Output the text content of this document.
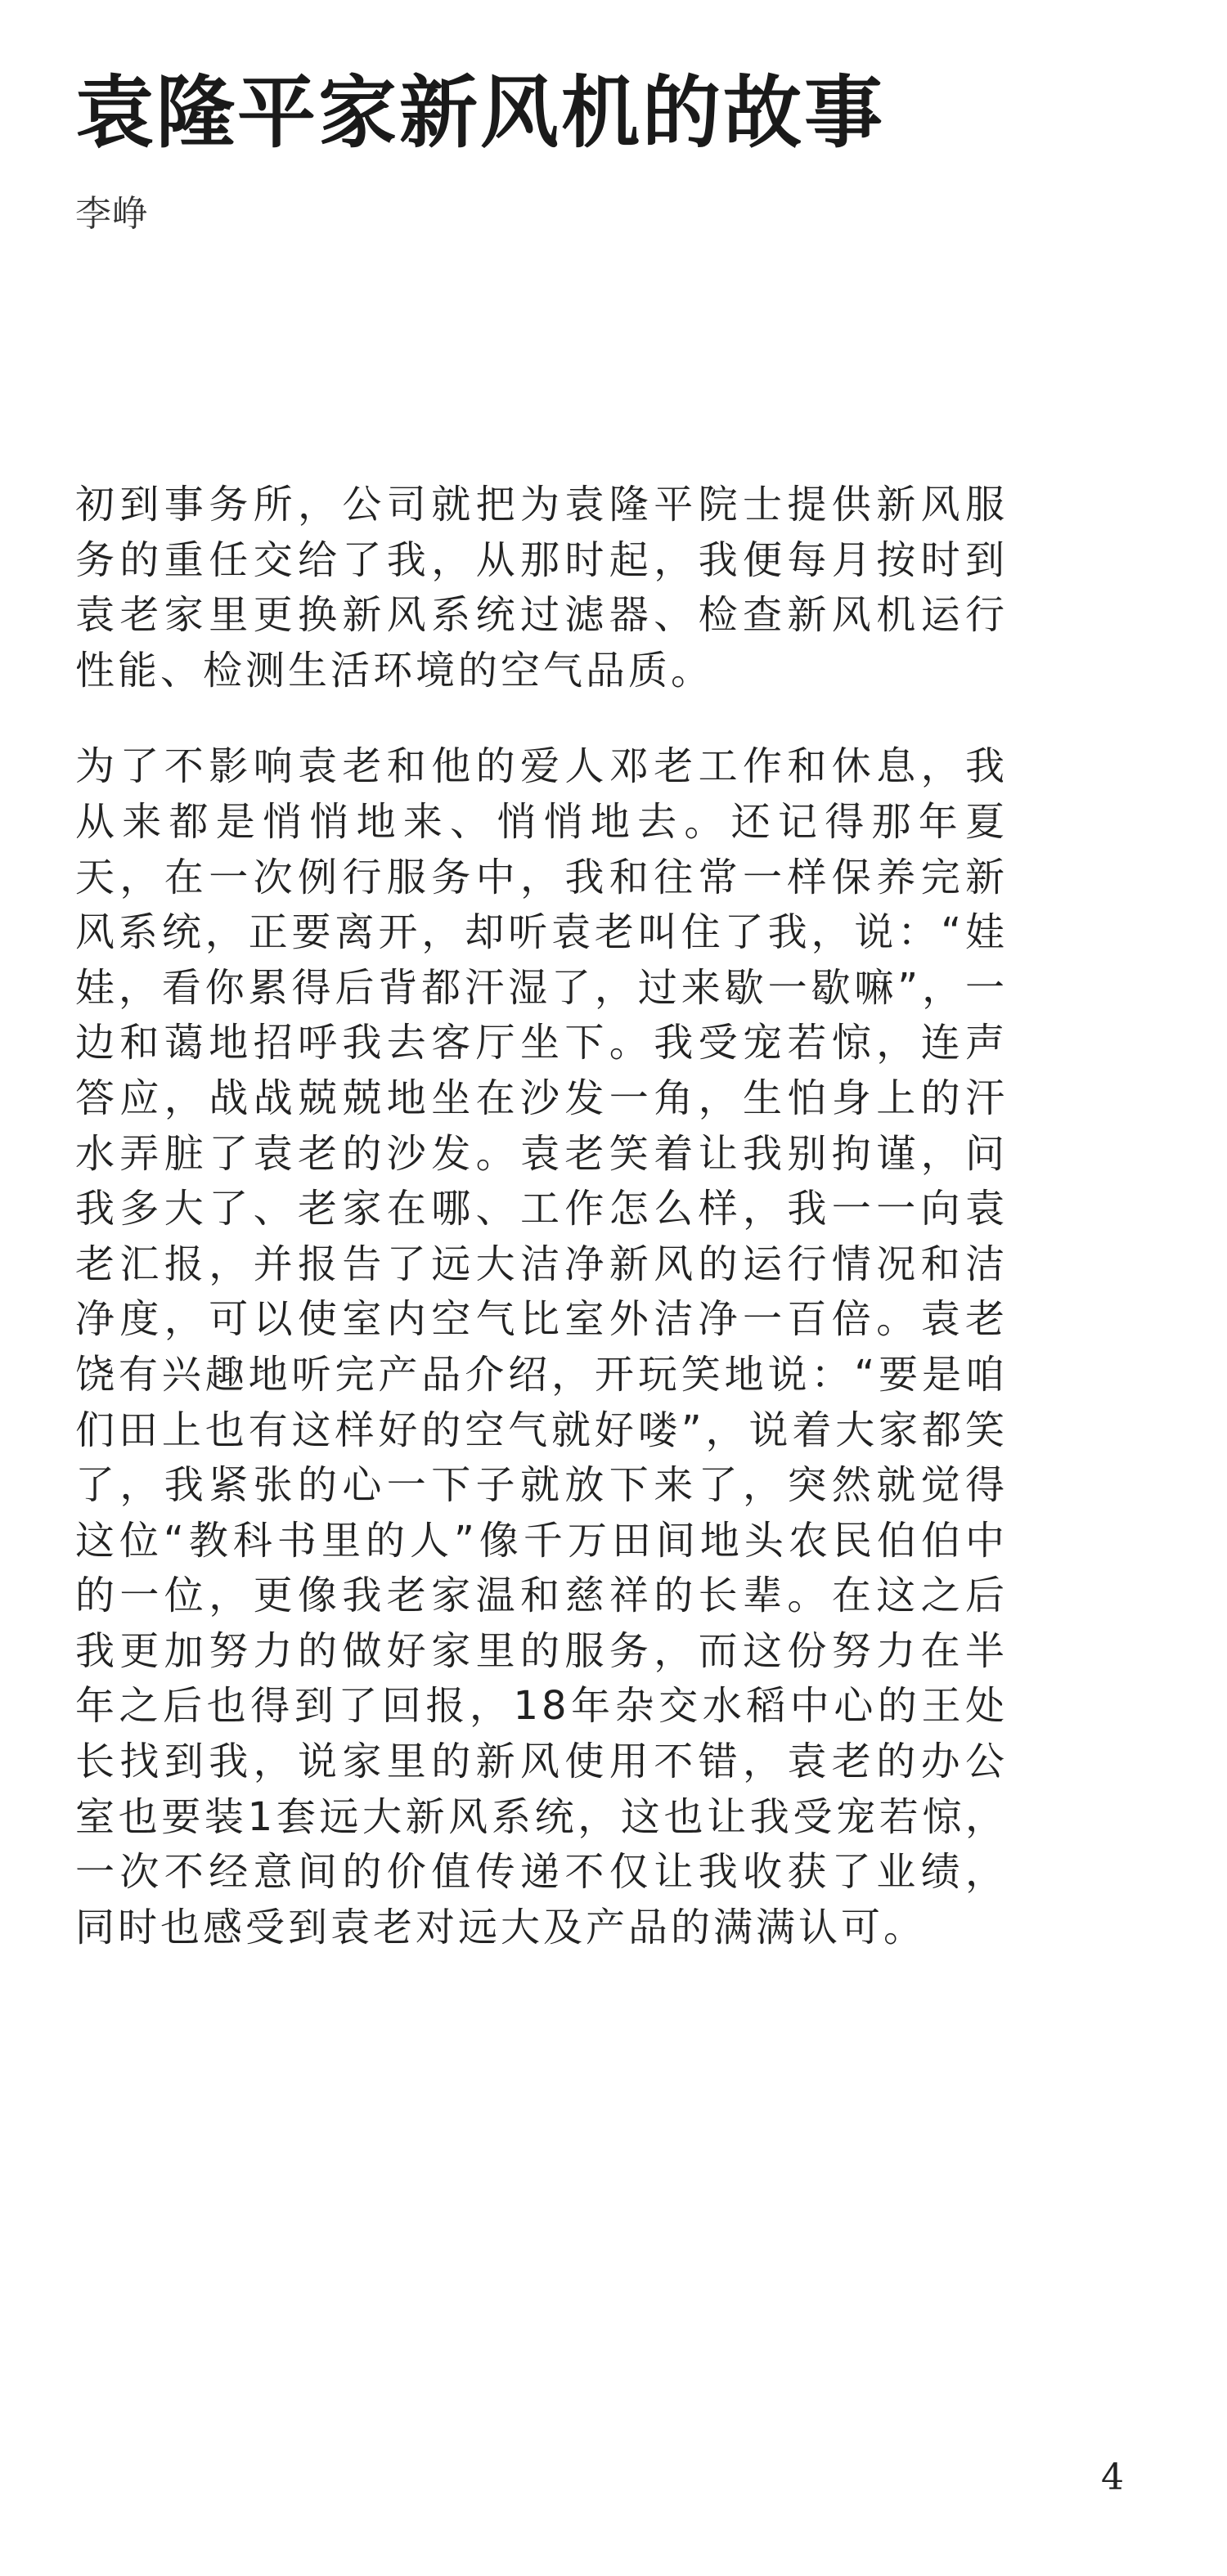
袁隆平家新风机的故事
李峥

初到事务所，公司就把为袁隆平院士提供新风服务的重任交给了我，从那时起，我便每月按时到袁老家里更换新风系统过滤器、检查新风机运行性能、检测生活环境的空气品质。

为了不影响袁老和他的爱人邓老工作和休息，我从来都是悄悄地来、悄悄地去。还记得那年夏天，在一次例行服务中，我和往常一样保养完新风系统，正要离开，却听袁老叫住了我，说：“娃娃，看你累得后背都汗湿了，过来歇一歇嘛”，一边和蔼地招呼我去客厅坐下。我受宠若惊，连声答应，战战兢兢地坐在沙发一角，生怕身上的汗水弄脏了袁老的沙发。袁老笑着让我别拘谨，问我多大了、老家在哪、工作怎么样，我一一向袁老汇报，并报告了远大洁净新风的运行情况和洁净度，可以使室内空气比室外洁净一百倍。袁老饶有兴趣地听完产品介绍，开玩笑地说：“要是咱们田上也有这样好的空气就好喽”，说着大家都笑了，我紧张的心一下子就放下来了，突然就觉得这位“教科书里的人”像千万田间地头农民伯伯中的一位，更像我老家温和慈祥的长辈。在这之后我更加努力的做好家里的服务，而这份努力在半年之后也得到了回报，18年杂交水稻中心的王处长找到我，说家里的新风使用不错，袁老的办公室也要装1套远大新风系统，这也让我受宠若惊，一次不经意间的价值传递不仅让我收获了业绩，同时也感受到袁老对远大及产品的满满认可。

4
